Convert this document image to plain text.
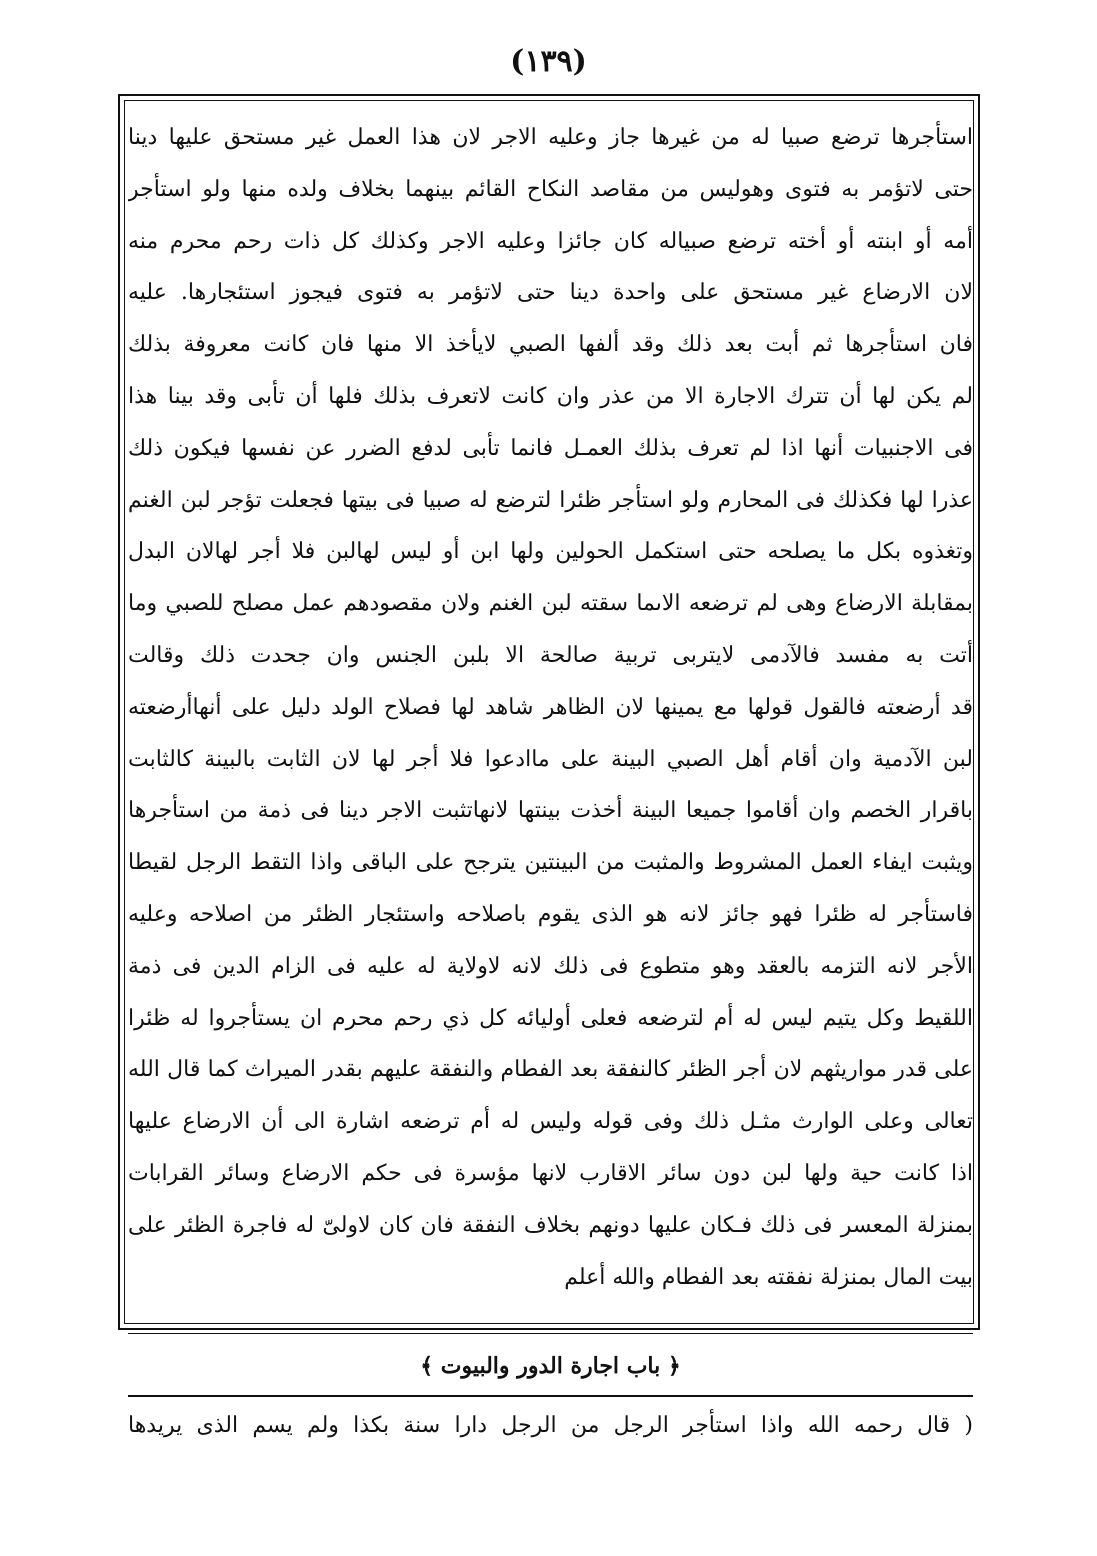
(١٣٩)
استأجرها ترضع صبيا له من غيرها جاز وعليه الاجر لان هذا العمل غير مستحق عليها دينا
حتى لاتؤمر به فتوى وهوليس من مقاصد النكاح القائم بينهما بخلاف ولده منها ولو استأجر
أمه أو ابنته أو أخته ترضع صبياله كان جائزا وعليه الاجر وكذلك كل ذات رحم محرم منه
لان الارضاع غير مستحق على واحدة دينا حتى لاتؤمر به فتوى فيجوز استئجارها. عليه
فان استأجرها ثم أبت بعد ذلك وقد ألفها الصبي لايأخذ الا منها فان كانت معروفة بذلك
لم يكن لها أن تترك الاجارة الا من عذر وان كانت لاتعرف بذلك فلها أن تأبى وقد بينا هذا
فى الاجنبيات أنها اذا لم تعرف بذلك العمـل فانما تأبى لدفع الضرر عن نفسها فيكون ذلك
عذرا لها فكذلك فى المحارم ولو استأجر ظئرا لترضع له صبيا فى بيتها فجعلت تؤجر لبن الغنم
وتغذوه بكل ما يصلحه حتى استكمل الحولين ولها ابن أو ليس لهالبن فلا أجر لهالان البدل
بمقابلة الارضاع وهى لم ترضعه الاىما سقته لبن الغنم ولان مقصودهم عمل مصلح للصبي وما
أتت به مفسد فالآدمى لايتربى تربية صالحة الا بلبن الجنس وان جحدت ذلك وقالت
قد أرضعته فالقول قولها مع يمينها لان الظاهر شاهد لها فصلاح الولد دليل على أنهاأرضعته
لبن الآدمية وان أقام أهل الصبي البينة على ماادعوا فلا أجر لها لان الثابت بالبينة كالثابت
باقرار الخصم وان أقاموا جميعا البينة أخذت بينتها لانهاتثبت الاجر دينا فى ذمة من استأجرها
ويثبت ايفاء العمل المشروط والمثبت من البينتين يترجح على الباقى واذا التقط الرجل لقيطا
فاستأجر له ظئرا فهو جائز لانه هو الذى يقوم باصلاحه واستئجار الظئر من اصلاحه وعليه
الأجر لانه التزمه بالعقد وهو متطوع فى ذلك لانه لاولاية له عليه فى الزام الدين فى ذمة
اللقيط وكل يتيم ليس له أم لترضعه فعلى أوليائه كل ذي رحم محرم ان يستأجروا له ظئرا
على قدر مواريثهم لان أجر الظئر كالنفقة بعد الفطام والنفقة عليهم بقدر الميراث كما قال الله
تعالى وعلى الوارث مثـل ذلك وفى قوله وليس له أم ترضعه اشارة الى أن الارضاع عليها
اذا كانت حية ولها لبن دون سائر الاقارب لانها مؤسرة فى حكم الارضاع وسائر القرابات
بمنزلة المعسر فى ذلك فـكان عليها دونهم بخلاف النفقة فان كان لاولىّ له فاجرة الظئر على
بيت المال بمنزلة نفقته بعد الفطام والله أعلم
﴿ باب اجارة الدور والبيوت ﴾
( قال رحمه الله واذا استأجر الرجل من الرجل دارا سنة بكذا ولم يسم الذى يريدها
